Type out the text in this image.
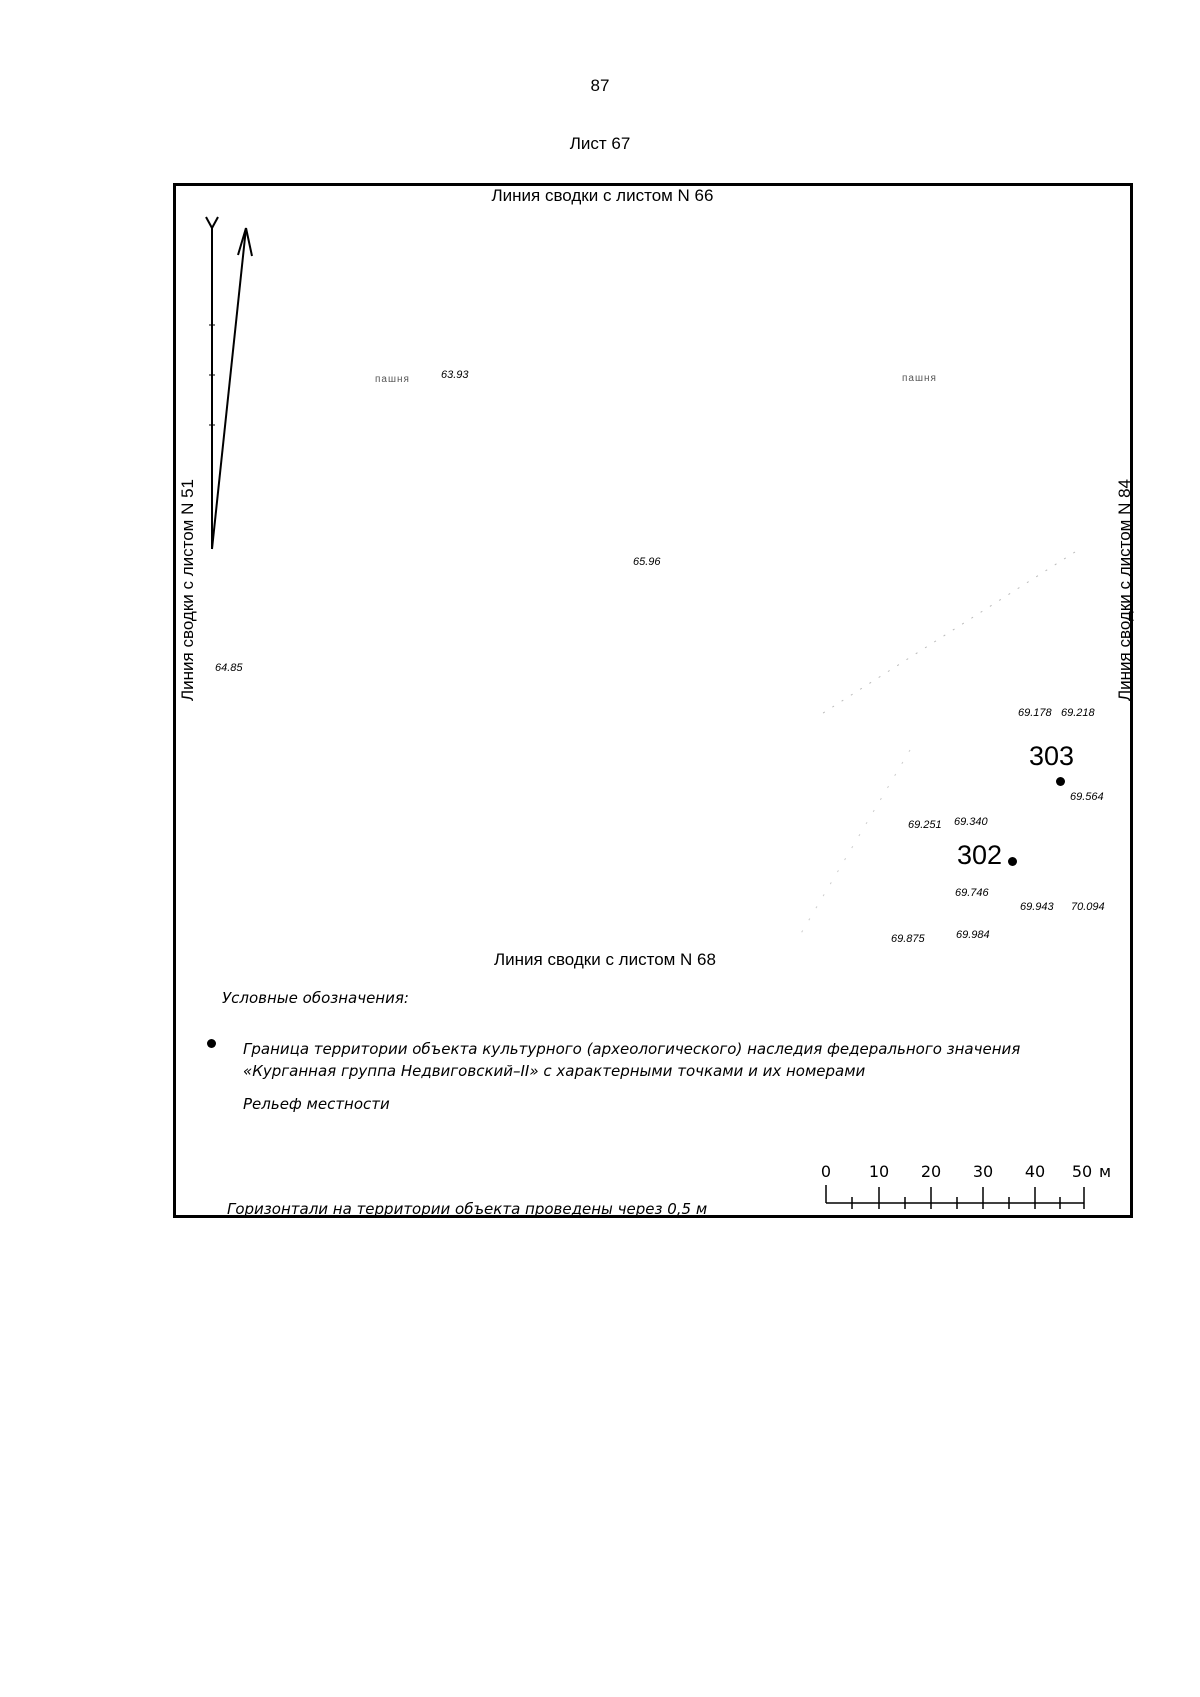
87
Лист 67
Линия сводки с листом N 66
Линия сводки с листом N 68
Линия сводки с листом N 51	Линия сводки с листом N 84
пашня	пашня
63.93
65.96
64.85
69.178 69.218
69.564
69.251 69.340
69.746
69.943 70.094
69.875	69.984
303
302
Условные обозначения:
Граница территории объекта культурного (археологического) наследия федерального значения
«Курганная группа Недвиговский–II» с характерными точками и их номерами
Рельеф местности
Горизонтали на территории объекта проведены через 0,5 м
0 10 20 30 40 50 м
